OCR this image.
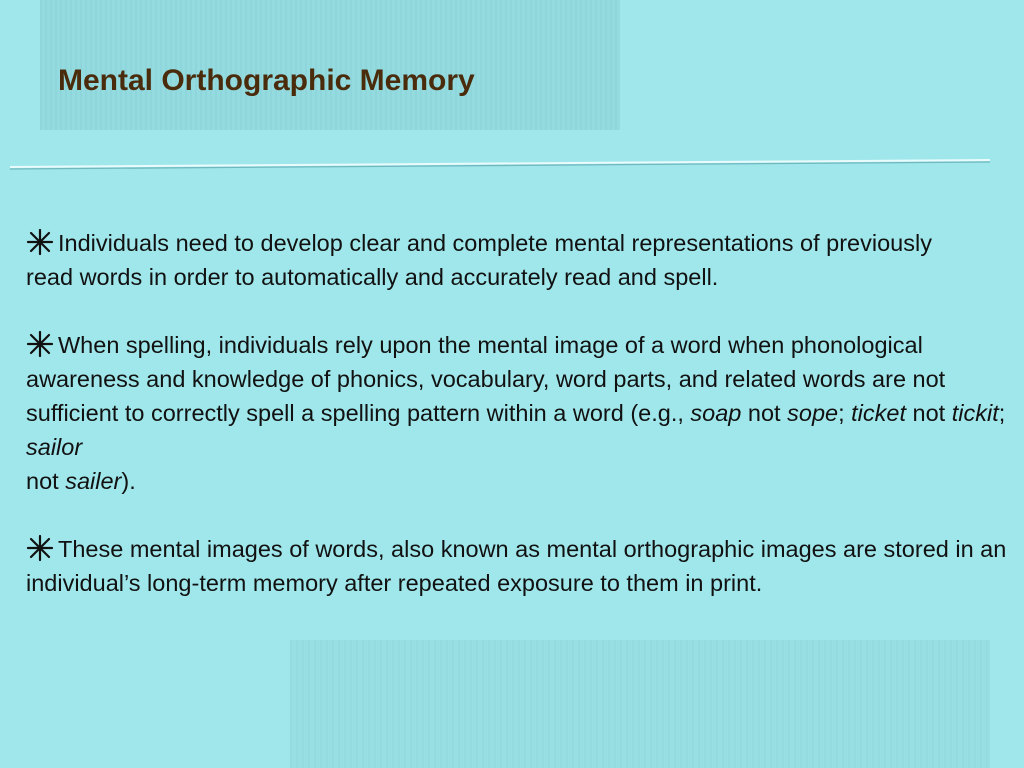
Mental Orthographic Memory

Individuals need to develop clear and complete mental representations of previously
read words in order to automatically and accurately read and spell.

When spelling, individuals rely upon the mental image of a word when phonological awareness and knowledge of phonics, vocabulary, word parts, and related words are not sufficient to correctly spell a spelling pattern within a word (e.g., soap not sope; ticket not tickit; sailor
not sailer).

These mental images of words, also known as mental orthographic images are stored in an individual’s long-term memory after repeated exposure to them in print.
